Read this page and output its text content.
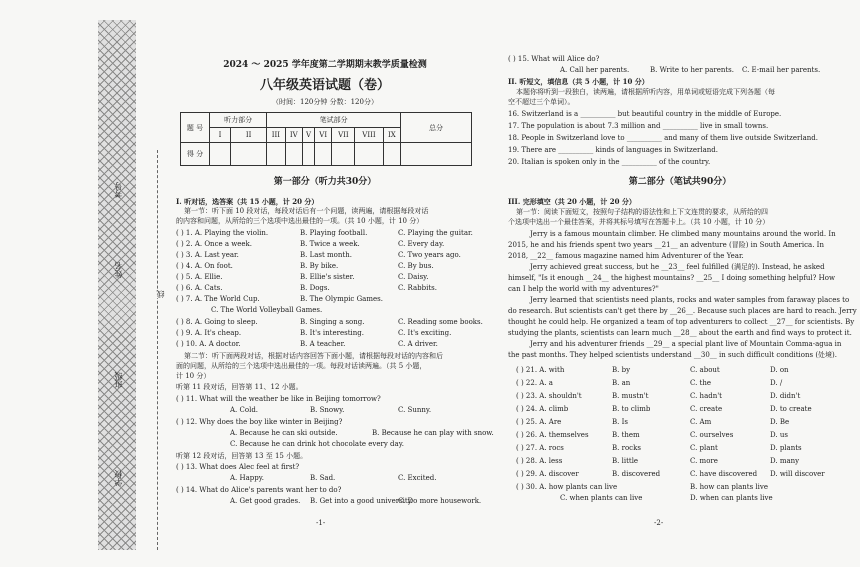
学校
班级
姓名
考号
线
2024 ～ 2025 学年度第二学期期末教学质量检测
八年级英语试题（卷）
（时间：120分钟 分数：120分）
题 号	听力部分		笔试部分							总分
	I	II	III	IV	V	VI	VII	VIII	IX	
得 分										
第一部分（听力共30分）
I. 听对话，选答案（共 15 小题，计 20 分）
第一节：听下面 10 段对话，每段对话后有一个问题，读两遍，请根据每段对话
的内容和问题，从所给的三个选项中选出最佳的一项。（共 10 小题，计 10 分）
( ) 1. A. Playing the violin.	B. Playing football.	C. Playing the guitar.
( ) 2. A. Once a week.	B. Twice a week.	C. Every day.
( ) 3. A. Last year.	B. Last month.	C. Two years ago.
( ) 4. A. On foot.	B. By bike.	C. By bus.
( ) 5. A. Ellie.	B. Ellie's sister.	C. Daisy.
( ) 6. A. Cats.	B. Dogs.	C. Rabbits.
( ) 7. A. The World Cup.	B. The Olympic Games.
C. The World Volleyball Games.
( ) 8. A. Going to sleep.	B. Singing a song.	C. Reading some books.
( ) 9. A. It's cheap.	B. It's interesting.	C. It's exciting.
( ) 10. A. A doctor.	B. A teacher.	C. A driver.
第二节：听下面两段对话，根据对话内容回答下面小题，请根据每段对话的内容和后
面的问题，从所给的三个选项中选出最佳的一项。每段对话读两遍。（共 5 小题，
计 10 分）
听第 11 段对话，回答第 11、12 小题。
( ) 11. What will the weather be like in Beijing tomorrow?
A. Cold.	B. Snowy.	C. Sunny.
( ) 12. Why does the boy like winter in Beijing?
A. Because he can ski outside.	B. Because he can play with snow.
C. Because he can drink hot chocolate every day.
听第 12 段对话，回答第 13 至 15 小题。
( ) 13. What does Alec feel at first?
A. Happy.	B. Sad.	C. Excited.
( ) 14. What do Alice's parents want her to do?
A. Get good grades. B. Get into a good university.
C. Do more housework.
-1-
( ) 15. What will Alice do?
A. Call her parents.	B. Write to her parents. C. E-mail her parents.
II. 听短文，填信息（共 5 小题，计 10 分）
本题你将听到一段独白，读两遍，请根据所听内容，用单词或短语完成下列各题（每
空不超过三个单词）。
16. Switzerland is a __________ but beautiful country in the middle of Europe.
17. The population is about 7.3 million and __________ live in small towns.
18. People in Switzerland love to __________ and many of them live outside Switzerland.
19. There are __________ kinds of languages in Switzerland.
20. Italian is spoken only in the __________ of the country.
第二部分（笔试共90分）
III. 完形填空（共 20 小题，计 20 分）
第一节：阅读下面短文，按照句子结构的语法性和上下文连贯的要求，从所给的四
个选项中选出一个最佳答案，并将其标号填写在答题卡上。（共 10 小题，计 10 分）
Jerry is a famous mountain climber. He climbed many mountains around the world. In
2015, he and his friends spent two years __21__ an adventure (冒险) in South America. In
2018, __22__ famous magazine named him Adventurer of the Year.
Jerry achieved great success, but he __23__ feel fulfilled (满足的). Instead, he asked
himself, "Is it enough __24__ the highest mountains? __25__ I doing something helpful? How
can I help the world with my adventures?"
Jerry learned that scientists need plants, rocks and water samples from faraway places to
do research. But scientists can't get there by __26__. Because such places are hard to reach. Jerry
thought he could help. He organized a team of top adventurers to collect __27__ for scientists. By
studying the plants, scientists can learn much __28__ about the earth and find ways to protect it.
Jerry and his adventurer friends __29__ a special plant live of Mountain Comma-agua in
the past months. They helped scientists understand __30__ in such difficult conditions (处境).
( ) 21. A. with	B. by	C. about	D. on
( ) 22. A. a	B. an	C. the	D. /
( ) 23. A. shouldn't	B. mustn't	C. hadn't	D. didn't
( ) 24. A. climb	B. to climb	C. create	D. to create
( ) 25. A. Are	B. Is	C. Am	D. Be
( ) 26. A. themselves	B. them	C. ourselves	D. us
( ) 27. A. rocs	B. rocks	C. plant	D. plants
( ) 28. A. less	B. little	C. more	D. many
( ) 29. A. discover	B. discovered	C. have discovered D. will discover
( ) 30. A. how plants can live	B. how can plants live
C. when plants can live	D. when can plants live
-2-
